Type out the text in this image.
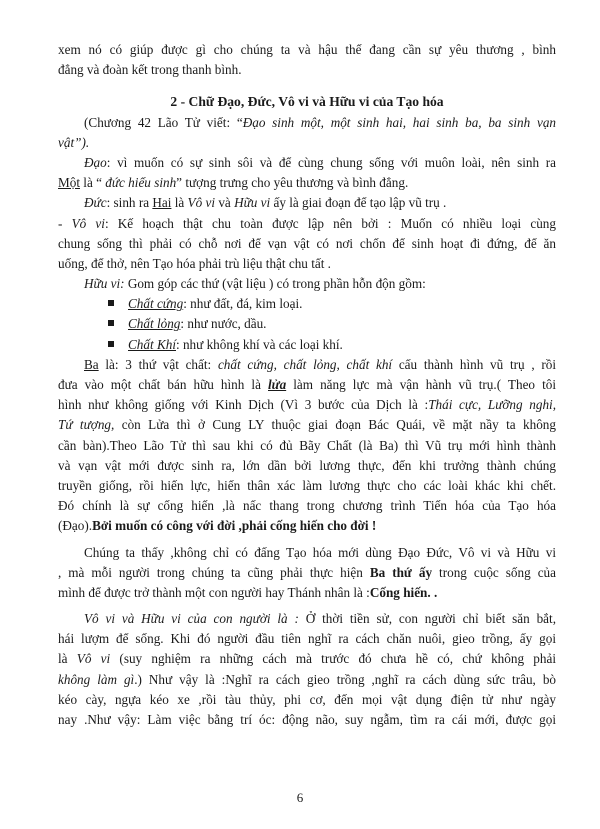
xem nó có giúp được gì cho chúng ta và hậu thế đang cần sự yêu thương , bình
đẳng và đoàn kết trong thanh bình.
2 - Chữ Đạo, Đức, Vô vi và Hữu vi của Tạo hóa
(Chương 42 Lão Tử viết: “Đạo sinh một, một sinh hai, hai sinh ba, ba sinh vạn
vật”).
Đạo: vì muốn có sự sinh sôi và để cùng chung sống với muôn loài, nên sinh ra
Một là “ đức hiếu sinh” tượng trưng cho yêu thương và bình đẳng.
Đức: sinh ra Hai là Vô vi và Hữu vi ấy là giai đoạn để tạo lập vũ trụ .
- Vô vi: Kế hoạch thật chu toàn được lập nên bởi : Muốn có nhiều loại cùng
chung sống thì phải có chỗ nơi để vạn vật có nơi chốn để sinh hoạt đi đứng, để ăn
uống, để thở, nên Tạo hóa phải trù liệu thật chu tất .
Hữu vi: Gom góp các thứ (vật liệu ) có trong phần hỗn độn gồm:
Chất cứng: như đất, đá, kim loại.
Chất lỏng: như nước, dầu.
Chất Khí: như không khí và các loại khí.
Ba là: 3 thứ vật chất: chất cứng, chất lỏng, chất khí cấu thành hình vũ trụ , rồi
đưa vào một chất bán hữu hình là lửa làm năng lực mà vận hành vũ trụ.( Theo tôi
hình như không giống với Kinh Dịch (Vì 3 bước của Dịch là :Thái cực, Lưỡng nghi,
Tứ tượng, còn Lửa thì ở Cung LY thuộc giai đoạn Bác Quái, về mặt nầy ta không
cần bàn).Theo Lão Tử thì sau khi có đủ Bãy Chất (là Ba) thì Vũ trụ mới hình thành
và vạn vật mới được sinh ra, lớn dần bởi lương thực, đến khi trưởng thành chúng
truyền giống, rồi hiến lực, hiến thân xác làm lương thực cho các loài khác khi chết.
Đó chính là sự cống hiến ,là nấc thang trong chương trình Tiến hóa của Tạo hóa
(Đạo).Bởi muốn có công với đời ,phải cống hiến cho đời !
Chúng ta thấy ,không chỉ có đấng Tạo hóa mới dùng Đạo Đức, Vô vi và Hữu vi
, mà mỗi người trong chúng ta cũng phải thực hiện Ba thứ ấy trong cuộc sống của
mình để được trở thành một con người hay Thánh nhân là :Cống hiến. .
Vô vi và Hữu vi của con người là : Ở thời tiền sử, con người chỉ biết săn bắt,
hái lượm để sống. Khi đó người đầu tiên nghĩ ra cách chăn nuôi, gieo trồng, ấy gọi
là Vô vi (suy nghiệm ra những cách mà trước đó chưa hề có, chứ không phải
không làm gì.) Như vậy là :Nghĩ ra cách gieo trồng ,nghĩ ra cách dùng sức trâu, bò
kéo cày, ngựa kéo xe ,rồi tàu thủy, phi cơ, đến mọi vật dụng điện tử như ngày
nay .Như vậy: Làm việc bằng trí óc: động não, suy ngẫm, tìm ra cái mới, được gọi
6
